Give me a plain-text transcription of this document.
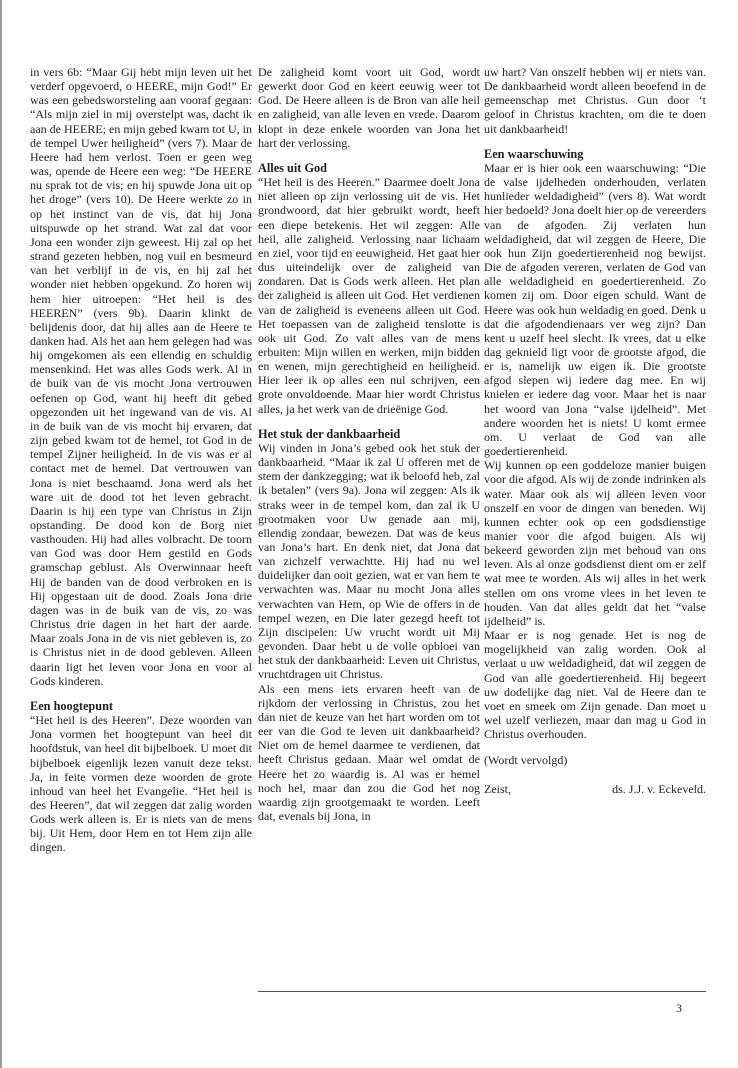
in vers 6b: “Maar Gij hebt mijn leven uit het verderf opgevoerd, o HEERE, mijn God!” Er was een gebedsworsteling aan vooraf gegaan: “Als mijn ziel in mij overstelpt was, dacht ik aan de HEERE; en mijn gebed kwam tot U, in de tempel Uwer heiligheid” (vers 7). Maar de Heere had hem verlost. Toen er geen weg was, opende de Heere een weg: “De HEERE nu sprak tot de vis; en hij spuwde Jona uit op het droge” (vers 10). De Heere werkte zo in op het instinct van de vis, dat hij Jona uitspuwde op het strand. Wat zal dat voor Jona een wonder zijn geweest. Hij zal op het strand gezeten hebben, nog vuil en besmeurd van het verblijf in de vis, en hij zal het wonder niet hebben opgekund. Zo horen wij hem hier uitroepen: “Het heil is des HEEREN” (vers 9b). Daarin klinkt de belijdenis door, dat hij alles aan de Heere te danken had. Als het aan hem gelegen had was hij omgekomen als een ellendig en schuldig mensenkind. Het was alles Gods werk. Al in de buik van de vis mocht Jona vertrouwen oefenen op God, want hij heeft dit gebed opgezonden uit het ingewand van de vis. Al in de buik van de vis mocht hij ervaren, dat zijn gebed kwam tot de hemel, tot God in de tempel Zijner heiligheid. In de vis was er al contact met de hemel. Dat vertrouwen van Jona is niet beschaamd. Jona werd als het ware uit de dood tot het leven gebracht. Daarin is hij een type van Christus in Zijn opstanding. De dood kon de Borg niet vasthouden. Hij had alles volbracht. De toorn van God was door Hem gestild en Gods gramschap geblust. Als Overwinnaar heeft Hij de banden van de dood verbroken en is Hij opgestaan uit de dood. Zoals Jona drie dagen was in de buik van de vis, zo was Christus drie dagen in het hart der aarde. Maar zoals Jona in de vis niet gebleven is, zo is Christus niet in de dood gebleven. Alleen daarin ligt het leven voor Jona en voor al Gods kinderen.

Een hoogtepunt

“Het heil is des Heeren”. Deze woorden van Jona vormen het hoogtepunt van heel dit hoofdstuk, van heel dit bijbelboek. U moet dit bijbelboek eigenlijk lezen vanuit deze tekst. Ja, in feite vormen deze woorden de grote inhoud van heel het Evangelie. “Het heil is des Heeren”, dat wil zeggen dat zalig worden Gods werk alleen is. Er is niets van de mens bij. Uit Hem, door Hem en tot Hem zijn alle dingen.

De zaligheid komt voort uit God, wordt gewerkt door God en keert eeuwig weer tot God. De Heere alleen is de Bron van alle heil en zaligheid, van alle leven en vrede. Daarom klopt in deze enkele woorden van Jona het hart der verlossing.

Alles uit God

“Het heil is des Heeren.” Daarmee doelt Jona niet alleen op zijn verlossing uit de vis. Het grondwoord, dat hier gebruikt wordt, heeft een diepe betekenis. Het wil zeggen: Alle heil, alle zaligheid. Verlossing naar lichaam en ziel, voor tijd en eeuwigheid. Het gaat hier dus uiteindelijk over de zaligheid van zondaren. Dat is Gods werk alleen. Het plan der zaligheid is alleen uit God. Het verdienen van de zaligheid is eveneens alleen uit God. Het toepassen van de zaligheid tenslotte is ook uit God. Zo valt alles van de mens erbuiten: Mijn willen en werken, mijn bidden en wenen, mijn gerechtigheid en heiligheid. Hier leer ik op alles een nul schrijven, een grote onvoldoende. Maar hier wordt Christus alles, ja het werk van de drieënige God.

Het stuk der dankbaarheid

Wij vinden in Jona’s gebed ook het stuk der dankbaarheid. “Maar ik zal U offeren met de stem der dankzegging; wat ik beloofd heb, zal ik betalen” (vers 9a). Jona wil zeggen: Als ik straks weer in de tempel kom, dan zal ik U grootmaken voor Uw genade aan mij, ellendig zondaar, bewezen. Dat was de keus van Jona’s hart. En denk niet, dat Jona dat van zichzelf verwachtte. Hij had nu wel duidelijker dan ooit gezien, wat er van hem te verwachten was. Maar nu mocht Jona alles verwachten van Hem, op Wie de offers in de tempel wezen, en Die later gezegd heeft tot Zijn discipelen: Uw vrucht wordt uit Mij gevonden. Daar hebt u de volle opbloei van het stuk der dankbaarheid: Leven uit Christus, vruchtdragen uit Christus.

Als een mens iets ervaren heeft van de rijkdom der verlossing in Christus, zou het dan niet de keuze van het hart worden om tot eer van die God te leven uit dankbaarheid? Niet om de hemel daarmee te verdienen, dat heeft Christus gedaan. Maar wel omdat de Heere het zo waardig is. Al was er hemel noch hel, maar dan zou die God het nog waardig zijn grootgemaakt te worden. Leeft dat, evenals bij Jona, in

uw hart? Van onszelf hebben wij er niets van. De dankbaarheid wordt alleen beoefend in de gemeenschap met Christus. Gun door ‘t geloof in Christus krachten, om die te doen uit dankbaarheid!

Een waarschuwing

Maar er is hier ook een waarschuwing: “Die de valse ijdelheden onderhouden, verlaten hunlieder weldadigheid” (vers 8). Wat wordt hier bedoeld? Jona doelt hier op de vereerders van de afgoden. Zij verlaten hun weldadigheid, dat wil zeggen de Heere, Die ook hun Zijn goedertierenheid nog bewijst. Die de afgoden vereren, verlaten de God van alle weldadigheid en goedertierenheid. Zo komen zij om. Door eigen schuld. Want de Heere was ook hun weldadig en goed. Denk u dat die afgodendienaars ver weg zijn? Dan kent u uzelf heel slecht. Ik vrees, dat u elke dag geknield ligt voor de grootste afgod, die er is, namelijk uw eigen ik. Die grootste afgod slepen wij iedere dag mee. En wij knielen er iedere dag voor. Maar het is naar het woord van Jona “valse ijdelheid”. Met andere woorden het is niets! U komt ermee om. U verlaat de God van alle goedertierenheid.

Wij kunnen op een goddeloze manier buigen voor die afgod. Als wij de zonde indrinken als water. Maar ook als wij alleen leven voor onszelf en voor de dingen van beneden. Wij kunnen echter ook op een godsdienstige manier voor die afgod buigen. Als wij bekeerd geworden zijn met behoud van ons leven. Als al onze godsdienst dient om er zelf wat mee te worden. Als wij alles in het werk stellen om ons vrome vlees in het leven te houden. Van dat alles geldt dat het “valse ijdelheid” is.

Maar er is nog genade. Het is nog de mogelijkheid van zalig worden. Ook al verlaat u uw weldadigheid, dat wil zeggen de God van alle goedertierenheid. Hij begeert uw dodelijke dag niet. Val de Heere dan te voet en smeek om Zijn genade. Dan moet u wel uzelf verliezen, maar dan mag u God in Christus overhouden.

(Wordt vervolgd)

Zeist,	ds. J.J. v. Eckeveld.

3
